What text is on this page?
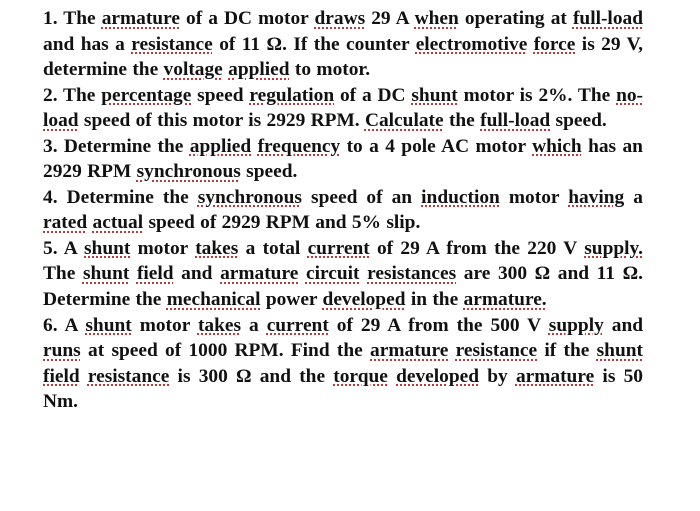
1. The armature of a DC motor draws 29 A when operating at full-load and has a resistance of 11 Ω. If the counter electromotive force is 29 V, determine the voltage applied to motor.

2. The percentage speed regulation of a DC shunt motor is 2%. The no-load speed of this motor is 2929 RPM. Calculate the full-load speed.

3. Determine the applied frequency to a 4 pole AC motor which has an 2929 RPM synchronous speed.

4. Determine the synchronous speed of an induction motor having a rated actual speed of 2929 RPM and 5% slip.

5. A shunt motor takes a total current of 29 A from the 220 V supply. The shunt field and armature circuit resistances are 300 Ω and 11 Ω. Determine the mechanical power developed in the armature.

6. A shunt motor takes a current of 29 A from the 500 V supply and runs at speed of 1000 RPM. Find the armature resistance if the shunt field resistance is 300 Ω and the torque developed by armature is 50 Nm.
